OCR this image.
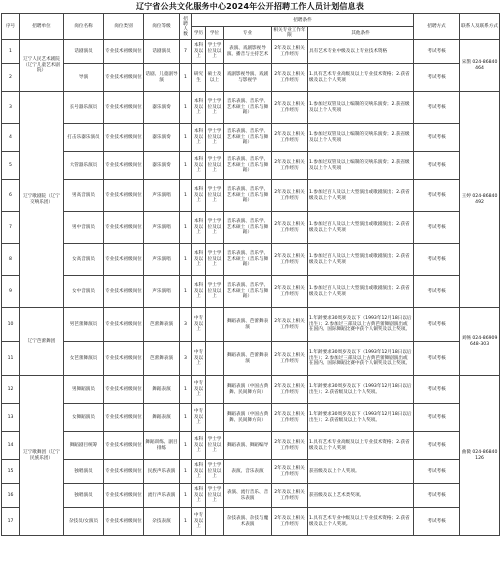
辽宁省公共文化服务中心2024年公开招聘工作人员计划信息表
序号	招聘单位	岗位名称	岗位类别	岗位等级	招聘人数	招聘条件					招聘方式	联系人及联系方式
						学历	学位	专业	相关专业工作年限	其他条件		
1	辽宁人民艺术剧院（辽宁儿童艺术剧院）	话剧演员	专业技术初级岗位	话剧演员	7	本科及以上	学士学位及以上	表演、戏剧影视导演、播音与主持艺术	2年及以上相关工作经历	具有艺术专业中级及以上专业技术资格	考试考核	宋鹊 024-86840464
2		导演	专业技术初级岗位	话剧、儿童剧导演	1	研究生	硕士及以上	戏剧影视导演、戏剧与影视学	2年及以上相关工作经历	1.具有艺术专业高级及以上专业技术资格；2.获省级及以上个人奖项	考试考核	
3	辽宁歌剧院（辽宁交响乐团）	长号器乐演员	专业技术初级岗位	器乐演奏	1	本科及以上	学士学位及以上	音乐表演、音乐学、艺术硕士（音乐与舞蹈）	2年及以上相关工作经历	1.参加过双管及以上编制的交响乐演奏；2.获省级及以上个人奖项	考试考核	王婷 024-86840492
4		打击乐器乐演员	专业技术初级岗位	器乐演奏	1	本科及以上	学士学位及以上	音乐表演、音乐学、艺术硕士（音乐与舞蹈）	2年及以上相关工作经历	1.参加过双管及以上编制的交响乐演奏；2.获省级及以上个人奖项	考试考核	
5		大管器乐演员	专业技术初级岗位	器乐演奏	1	本科及以上	学士学位及以上	音乐表演、音乐学、艺术硕士（音乐与舞蹈）	2年及以上相关工作经历	1.参加过双管及以上编制的交响乐演奏；2.获省级及以上个人奖项	考试考核	
6		男高音演员	专业技术初级岗位	声乐演唱	1	本科及以上	学士学位及以上	音乐表演、音乐学、艺术硕士（音乐与舞蹈）	2年及以上相关工作经历	1.参加过百人及以上大型演出或歌剧演出；2.获省级及以上个人奖项	考试考核	
7		男中音演员	专业技术初级岗位	声乐演唱	1	本科及以上	学士学位及以上	音乐表演、音乐学、艺术硕士（音乐与舞蹈）	2年及以上相关工作经历	1.参加过百人及以上大型演出或歌剧演出；2.获省级及以上个人奖项	考试考核	
8		女高音演员	专业技术初级岗位	声乐演唱	1	本科及以上	学士学位及以上	音乐表演、音乐学、艺术硕士（音乐与舞蹈）	2年及以上相关工作经历	1.参加过百人及以上大型演出或歌剧演出；2.获省级及以上个人奖项	考试考核	
9		女中音演员	专业技术初级岗位	声乐演唱	1	本科及以上	学士学位及以上	音乐表演、音乐学、艺术硕士（音乐与舞蹈）	2年及以上相关工作经历	1.参加过百人及以上大型演出或歌剧演出；2.获省级及以上个人奖项	考试考核	
10	辽宁芭蕾舞团	男芭蕾舞演员	专业技术初级岗位	芭蕾舞表演	3	中专及以上		舞蹈表演、芭蕾舞表演	2年及以上相关工作经历	1.年龄要求30周岁及以下（1993年12月18日以后出生）；2.参加过三部及以上古典芭蕾舞剧演出或在国内、国际舞蹈比赛中获个人铜奖及以上奖项。	考试考核	刘畅 024-86909648-303
11		女芭蕾舞演员	专业技术初级岗位	芭蕾舞表演	3	中专及以上		舞蹈表演、芭蕾舞表演	2年及以上相关工作经历	1.年龄要求30周岁及以下（1993年12月18日以后出生）；2.参加过三部及以上古典芭蕾舞剧演出或在国内、国际舞蹈比赛中获个人铜奖及以上奖项。	考试考核	
12	辽宁歌舞团（辽宁民族乐团）	男舞蹈演员	专业技术初级岗位	舞蹈表演	1	中专及以上		舞蹈表演（中国古典舞、民间舞方向）	2年及以上相关工作经历	1.年龄要求30周岁及以下（1993年12月18日以后出生）；2.获省级及以上个人奖项。	考试考核	曲微 024-86840126
13		女舞蹈演员	专业技术初级岗位	舞蹈表演	1	中专及以上		舞蹈表演（中国古典舞、民间舞方向）	2年及以上相关工作经历	1.年龄要求30周岁及以下（1993年12月18日以后出生）；2.获省级及以上个人奖项。	考试考核	
14		舞蹈剧目统筹	专业技术初级岗位	舞蹈训练、剧目排练	1	本科及以上	学士学位及以上	舞蹈表演、舞蹈编导	2年及以上相关工作经历	1.具有艺术专业高级及以上专业技术资格；2.获省级及以上个人奖项	考试考核	
15		独唱演员	专业技术初级岗位	民族声乐表演	1	本科及以上	学士学位及以上	表演、音乐表演	2年及以上相关工作经历	获省级及以上个人奖项。	考试考核	
16		独唱演员	专业技术初级岗位	流行声乐表演	1	本科及以上	学士学位及以上	表演、流行音乐、音乐表演	2年及以上相关工作经历	获省级及以上艺术类奖项。	考试考核	
17		杂技员/女演员	专业技术初级岗位	杂技表演	1	中专及以上		杂技表演、杂技与魔术表演	2年及以上相关工作经历	1.具有艺术专业中级及以上专业技术资格；2.获省级及以上个人奖项。	考试考核	
